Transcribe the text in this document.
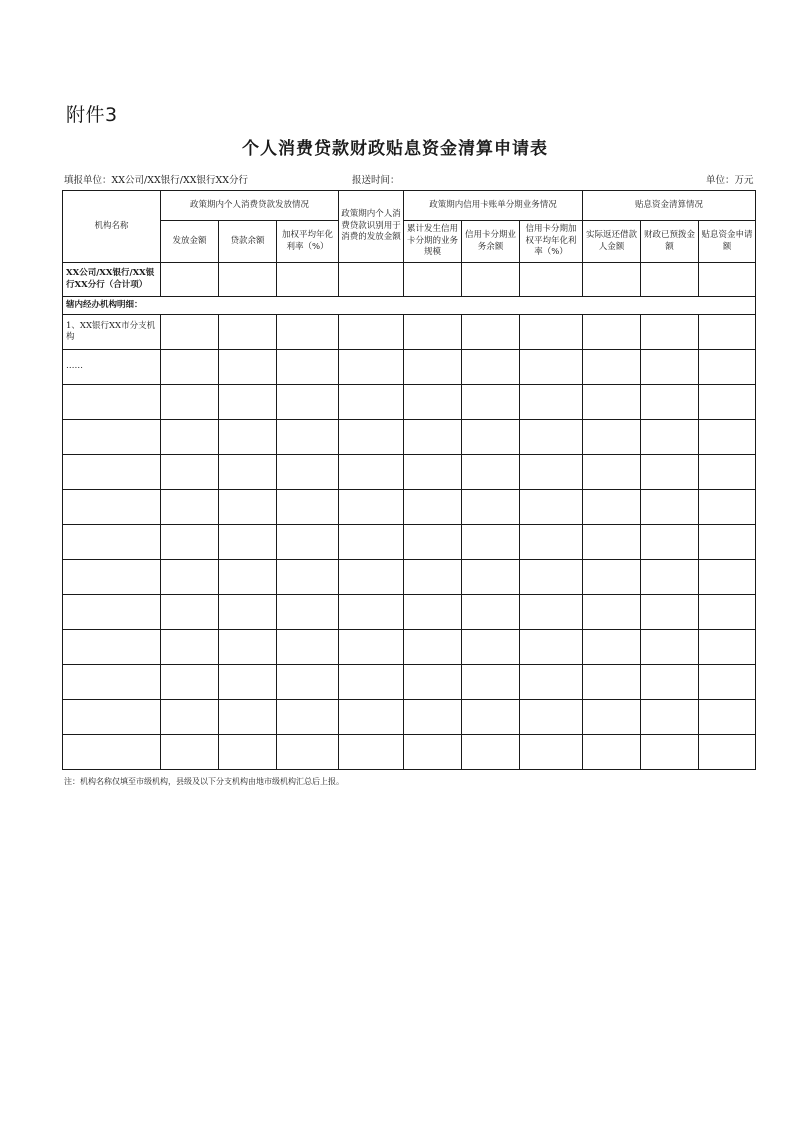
附件3
个人消费贷款财政贴息资金清算申请表
填报单位：XX公司/XX银行/XX银行XX分行	报送时间：	单位：万元
机构名称	政策期内个人消费贷款发放情况			政策期内个人消费贷款识别用于消费的发放金额	政策期内信用卡账单分期业务情况			贴息资金清算情况		
	发放金额	贷款余额	加权平均年化利率（%）		累计发生信用卡分期的业务规模	信用卡分期业务余额	信用卡分期加权平均年化利率（%）	实际返还借款人金额	财政已预拨金额	贴息资金申请额
XX公司/XX银行/XX银行XX分行（合计项）										
辖内经办机构明细：										
1、XX银行XX市分支机构										
……										

注：机构名称仅填至市级机构，县级及以下分支机构由地市级机构汇总后上报。
